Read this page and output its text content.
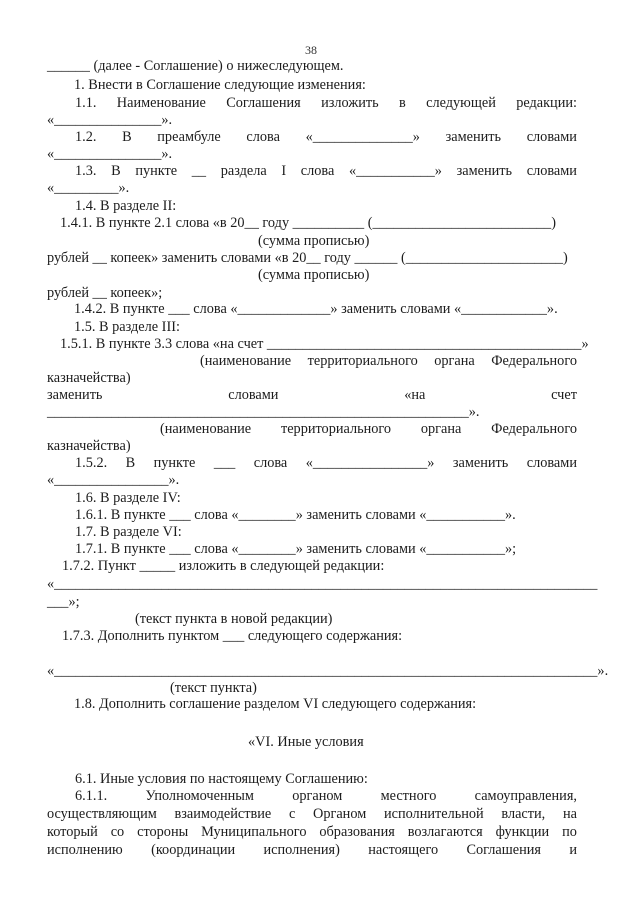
38
______ (далее - Соглашение) о нижеследующем.
1. Внести в Соглашение следующие изменения:
1.1. Наименование Соглашения изложить в следующей редакции:
«_______________».
1.2. В преамбуле слова «______________» заменить словами
«_______________».
1.3. В пункте __ раздела I слова «___________» заменить словами
«_________».
1.4. В разделе II:
1.4.1. В пункте 2.1 слова «в 20__ году __________ (_________________________)
(сумма прописью)
рублей __ копеек» заменить словами «в 20__ году ______ (______________________)
(сумма прописью)
рублей __ копеек»;
1.4.2. В пункте ___ слова «_____________» заменить словами «____________».
1.5. В разделе III:
1.5.1. В пункте 3.3 слова «на счет ____________________________________________»
(наименование территориального органа Федерального
казначейства)
заменить	словами	«на	счет
___________________________________________________________».
(наименование территориального органа Федерального
казначейства)
1.5.2. В пункте ___ слова «________________» заменить словами
«________________».
1.6. В разделе IV:
1.6.1. В пункте ___ слова «________» заменить словами «___________».
1.7. В разделе VI:
1.7.1. В пункте ___ слова «________» заменить словами «___________»;
1.7.2. Пункт _____ изложить в следующей редакции:
«____________________________________________________________________________
___»;
(текст пункта в новой редакции)
1.7.3. Дополнить пунктом ___ следующего содержания:
«____________________________________________________________________________».
(текст пункта)
1.8. Дополнить соглашение разделом VI следующего содержания:
«VI. Иные условия
6.1. Иные условия по настоящему Соглашению:
6.1.1.	Уполномоченным	органом	местного	самоуправления,
осуществляющим взаимодействие с Органом исполнительной власти, на
который со стороны Муниципального образования возлагаются функции по
исполнению (координации исполнения) настоящего Соглашения и
